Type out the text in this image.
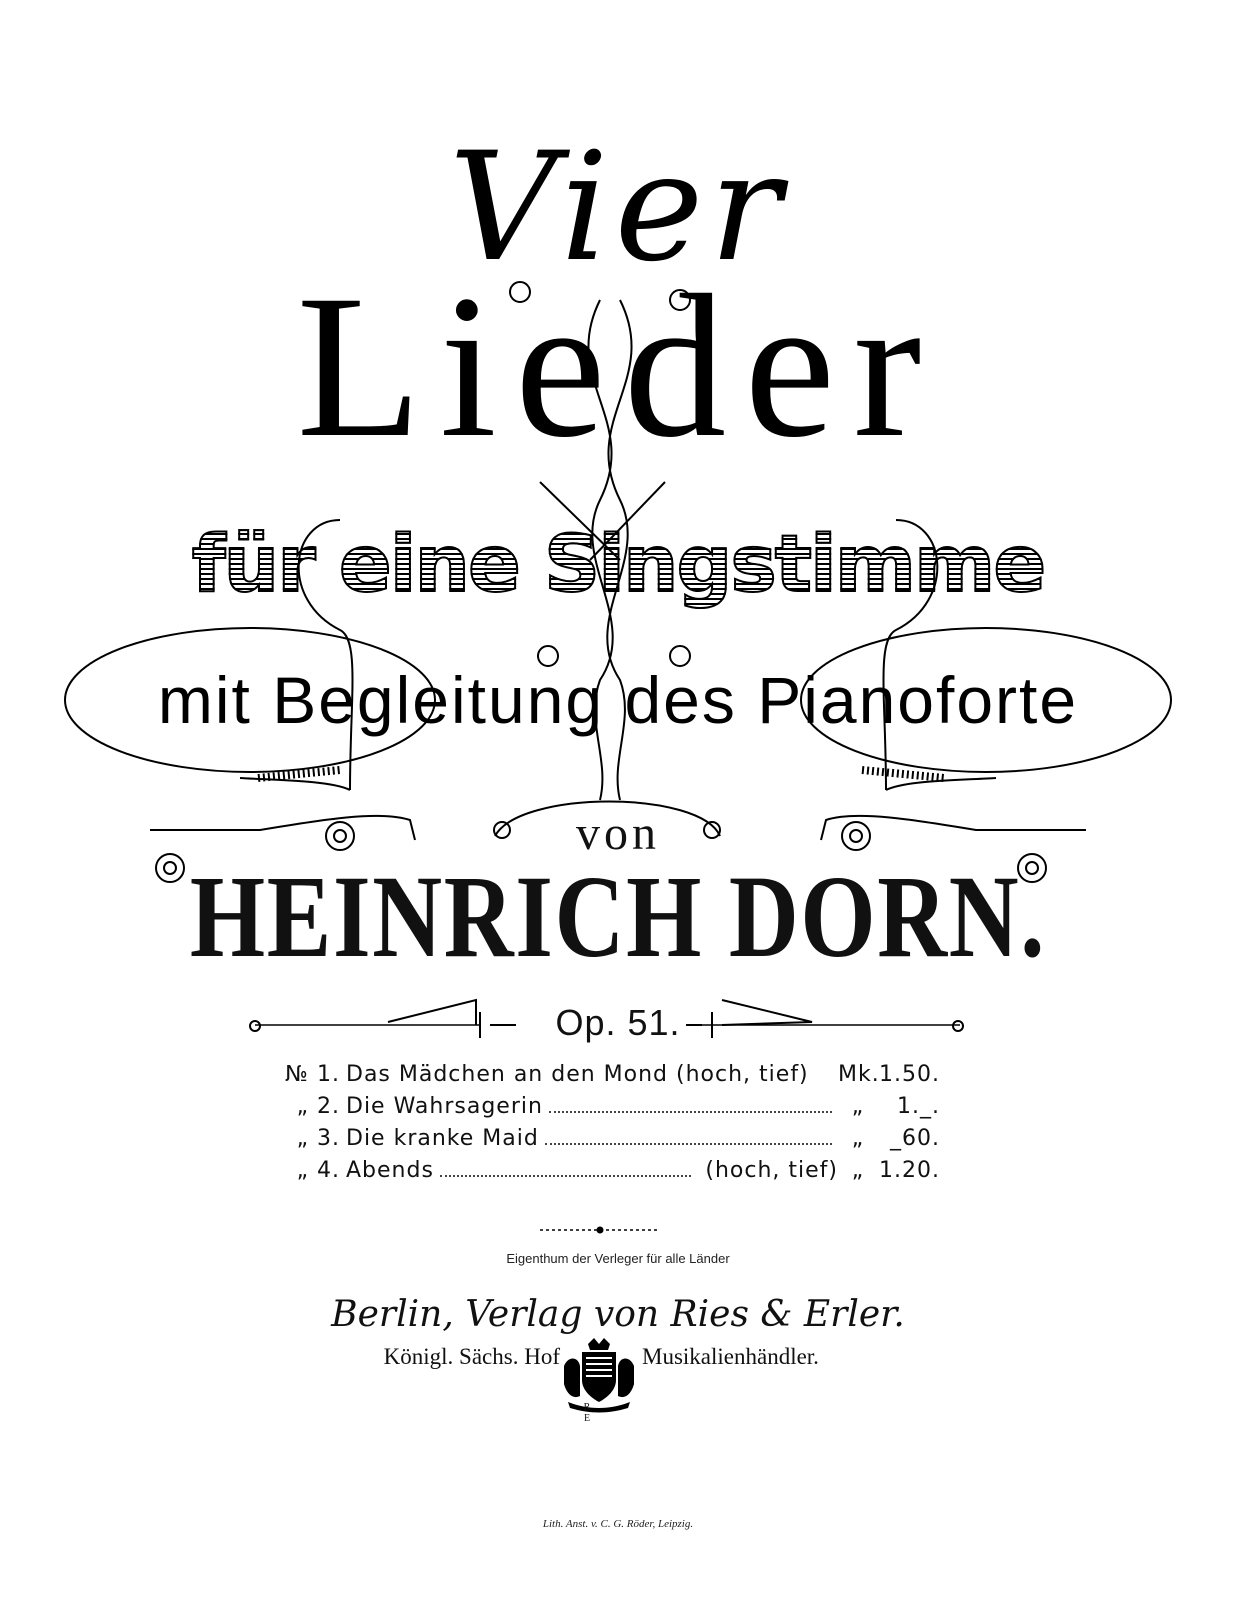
Vier
Lieder
für eine Singstimme
mit Begleitung des Pianoforte
von
HEINRICH DORN.
Op. 51.
№ 1. Das Mädchen an den Mond (hoch, tief) Mk. 1.50.
„ 2. Die Wahrsagerin	„	1._.
„ 3. Die kranke Maid	„	_60.
„ 4. Abends	(hoch, tief) „ 1.20.
Eigenthum der Verleger für alle Länder
Berlin, Verlag von Ries & Erler.
Königl. Sächs. Hof
R E
Musikalienhändler.
Lith. Anst. v. C. G. Röder, Leipzig.
